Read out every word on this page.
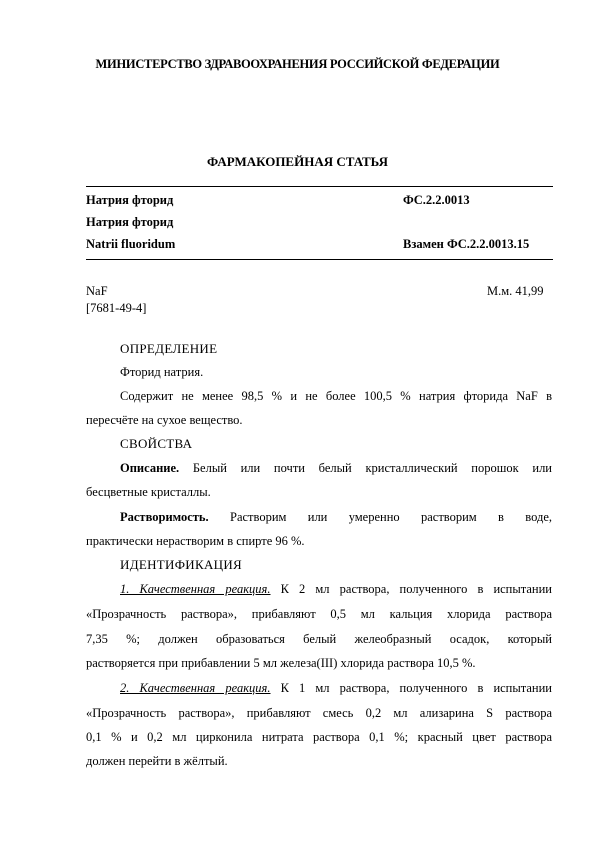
МИНИСТЕРСТВО ЗДРАВООХРАНЕНИЯ РОССИЙСКОЙ ФЕДЕРАЦИИ
ФАРМАКОПЕЙНАЯ СТАТЬЯ
Натрия фторид	ФС.2.2.0013
Натрия фторид
Natrii fluoridum	Взамен ФС.2.2.0013.15
NaF	М.м. 41,99
[7681-49-4]
ОПРЕДЕЛЕНИЕ
Фторид натрия.
Содержит не менее 98,5 % и не более 100,5 % натрия фторида NaF в
пересчёте на сухое вещество.
СВОЙСТВА
Описание. Белый или почти белый кристаллический порошок или
бесцветные кристаллы.
Растворимость. Растворим или умеренно растворим в воде,
практически нерастворим в спирте 96 %.
ИДЕНТИФИКАЦИЯ
1. Качественная реакция. К 2 мл раствора, полученного в испытании
«Прозрачность раствора», прибавляют 0,5 мл кальция хлорида раствора
7,35 %; должен образоваться белый желеобразный осадок, который
растворяется при прибавлении 5 мл железа(III) хлорида раствора 10,5 %.
2. Качественная реакция. К 1 мл раствора, полученного в испытании
«Прозрачность раствора», прибавляют смесь 0,2 мл ализарина S раствора
0,1 % и 0,2 мл цирконила нитрата раствора 0,1 %; красный цвет раствора
должен перейти в жёлтый.
